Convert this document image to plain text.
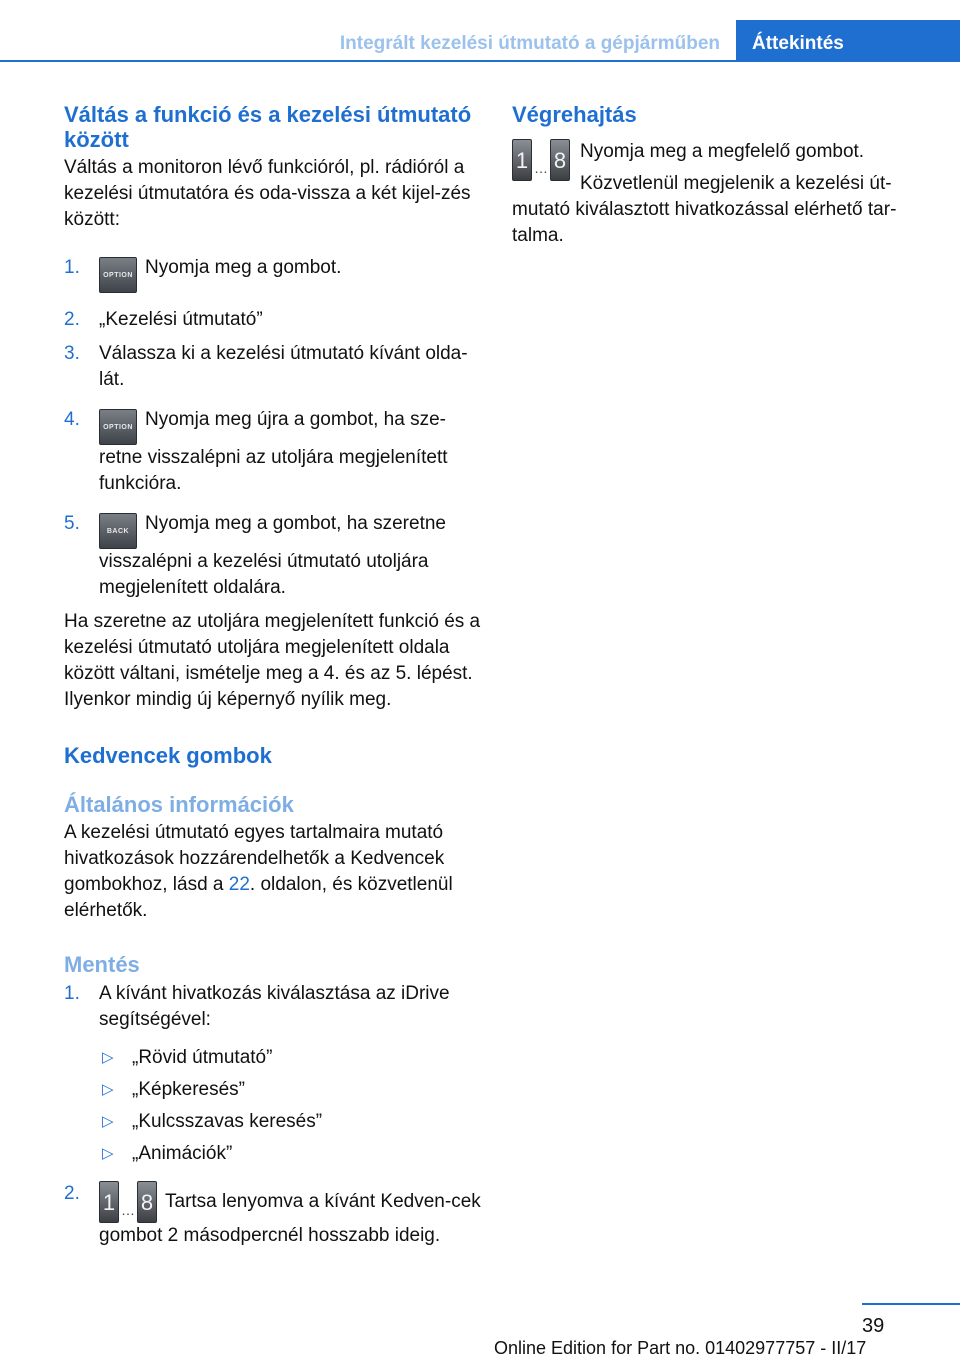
Integrált kezelési útmutató a gépjárműben Áttekintés
Váltás a funkció és a kezelési útmutató között

Váltás a monitoron lévő funkcióról, pl. rádióról a kezelési útmutatóra és oda-vissza a két kijel-zés között:

1.	OPTION Nyomja meg a gombot.
2. „Kezelési útmutató”
3. Válassza ki a kezelési útmutató kívánt olda-lát.
4.	OPTION Nyomja meg újra a gombot, ha sze-retne visszalépni az utoljára megjelenített funkcióra.
5.	BACK Nyomja meg a gombot, ha szeretne visszalépni a kezelési útmutató utoljára megjelenített oldalára.

Ha szeretne az utoljára megjelenített funkció és a kezelési útmutató utoljára megjelenített oldala között váltani, ismételje meg a 4. és az 5. lépést. Ilyenkor mindig új képernyő nyílik meg.

Kedvencek gombok
Általános információk

A kezelési útmutató egyes tartalmaira mutató hivatkozások hozzárendelhetők a Kedvencek gombokhoz, lásd a 22. oldalon, és közvetlenül elérhetők.

Mentés
1. A kívánt hivatkozás kiválasztása az iDrive segítségével:
▷ „Rövid útmutató”
▷ „Képkeresés”
▷ „Kulcsszavas keresés”
▷ „Animációk”
2. 1 … 8 Tartsa lenyomva a kívánt Kedven-cek gombot 2 másodpercnél hosszabb ideig.
Végrehajtás
1 … 8 Nyomja meg a megfelelő gombot.

Közvetlenül megjelenik a kezelési út-mutató kiválasztott hivatkozással elérhető tar-talma.

39
Online Edition for Part no. 01402977757 - II/17
